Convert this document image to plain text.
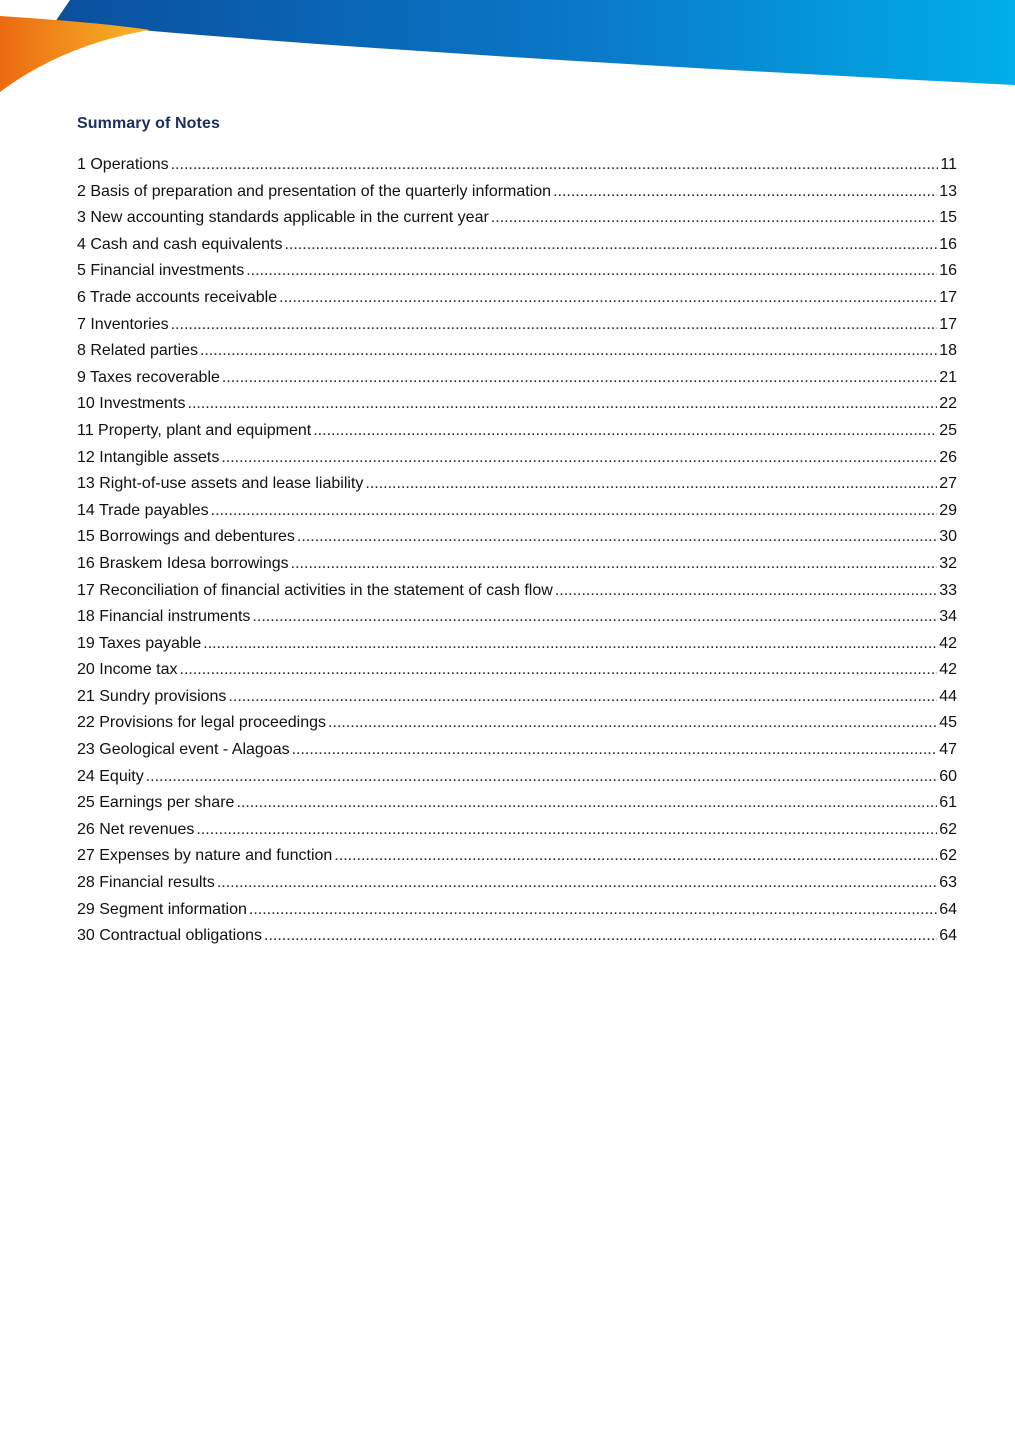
Summary of Notes
1 Operations .....	11
2 Basis of preparation and presentation of the quarterly information .....	13
3 New accounting standards applicable in the current year .....	15
4 Cash and cash equivalents .....	16
5 Financial investments .....	16
6 Trade accounts receivable .....	17
7 Inventories .....	17
8 Related parties .....	18
9 Taxes recoverable .....	21
10 Investments .....	22
11 Property, plant and equipment .....	25
12 Intangible assets .....	26
13 Right-of-use assets and lease liability .....	27
14 Trade payables .....	29
15 Borrowings and debentures .....	30
16 Braskem Idesa borrowings .....	32
17 Reconciliation of financial activities in the statement of cash flow .....	33
18 Financial instruments .....	34
19 Taxes payable .....	42
20 Income tax .....	42
21 Sundry provisions .....	44
22 Provisions for legal proceedings .....	45
23 Geological event - Alagoas .....	47
24 Equity .....	60
25 Earnings per share .....	61
26 Net revenues .....	62
27 Expenses by nature and function .....	62
28 Financial results .....	63
29 Segment information .....	64
30 Contractual obligations .....	64
